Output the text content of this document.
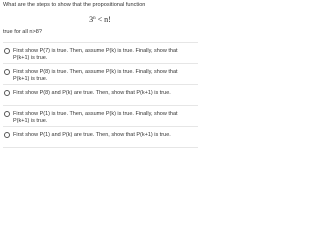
What are the steps to show that the propositional function
$3^n < n$!
true for all n>8?
First show P(7) is true. Then, assume P(k) is true. Finally, show that P(k+1) is true.
First show P(8) is true. Then, assume P(k) is true. Finally, show that P(k+1) is true.
First show P(8) and P(k) are true. Then, show that P(k+1) is true.
First show P(1) is true. Then, assume P(k) is true. Finally, show that P(k+1) is true.
First show P(1) and P(k) are true. Then, show that P(k+1) is true.
